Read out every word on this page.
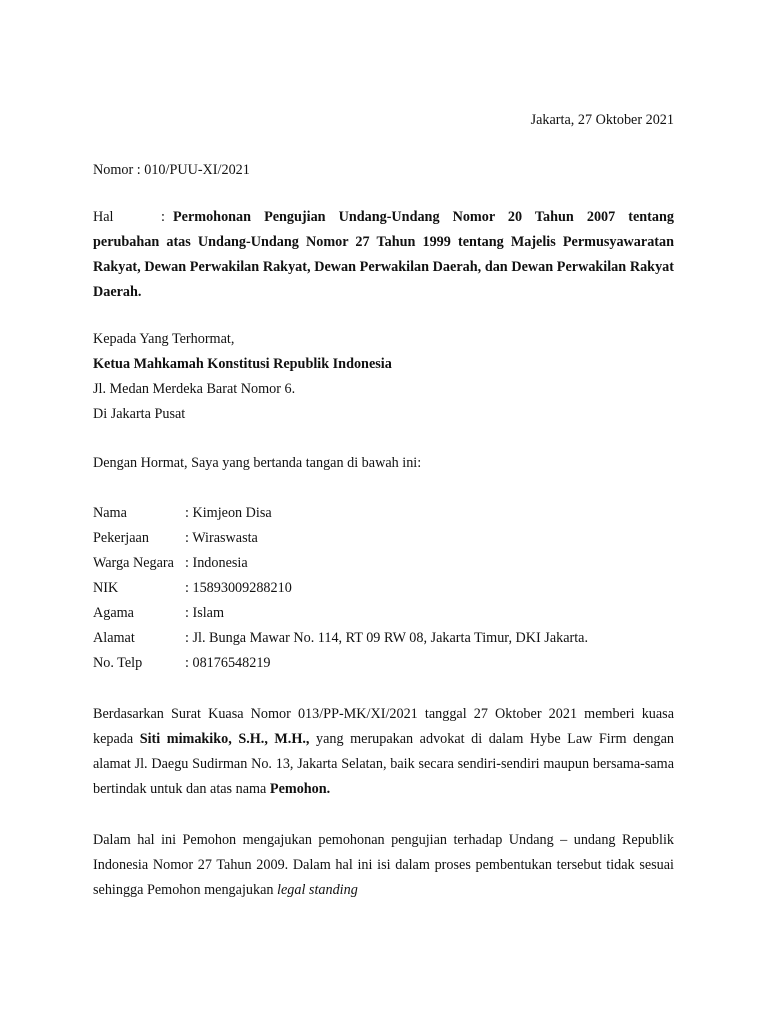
Jakarta, 27 Oktober 2021

Nomor : 010/PUU-XI/2021

Hal	: Permohonan Pengujian Undang-Undang Nomor 20 Tahun 2007 tentang perubahan atas Undang-Undang Nomor 27 Tahun 1999 tentang Majelis Permusyawaratan Rakyat, Dewan Perwakilan Rakyat, Dewan Perwakilan Daerah, dan Dewan Perwakilan Rakyat Daerah.
Kepada Yang Terhormat,
Ketua Mahkamah Konstitusi Republik Indonesia
Jl. Medan Merdeka Barat Nomor 6.
Di Jakarta Pusat

Dengan Hormat, Saya yang bertanda tangan di bawah ini:

Nama	: Kimjeon Disa
Pekerjaan	: Wiraswasta
Warga Negara	: Indonesia
NIK	: 15893009288210
Agama	: Islam
Alamat	: Jl. Bunga Mawar No. 114, RT 09 RW 08, Jakarta Timur, DKI Jakarta.
No. Telp	: 08176548219

Berdasarkan Surat Kuasa Nomor 013/PP-MK/XI/2021 tanggal 27 Oktober 2021 memberi kuasa kepada Siti mimakiko, S.H., M.H., yang merupakan advokat di dalam Hybe Law Firm dengan alamat Jl. Daegu Sudirman No. 13, Jakarta Selatan, baik secara sendiri-sendiri maupun bersama-sama bertindak untuk dan atas nama Pemohon.

Dalam hal ini Pemohon mengajukan pemohonan pengujian terhadap Undang – undang Republik Indonesia Nomor 27 Tahun 2009. Dalam hal ini isi dalam proses pembentukan tersebut tidak sesuai sehingga Pemohon mengajukan legal standing
